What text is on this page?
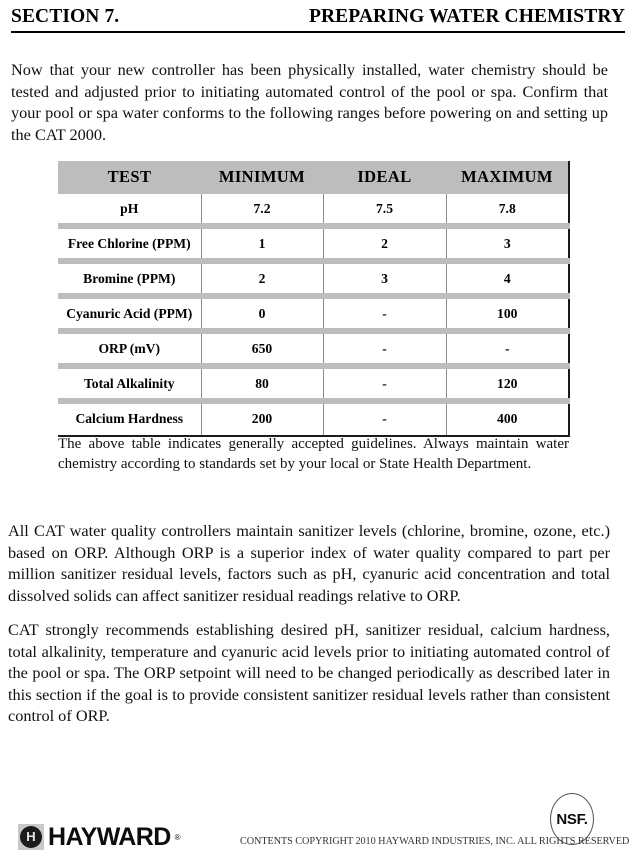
SECTION 7.	PREPARING WATER CHEMISTRY

Now that your new controller has been physically installed, water chemistry should be tested and adjusted prior to initiating automated control of the pool or spa. Confirm that your pool or spa water conforms to the following ranges before powering on and setting up the CAT 2000.

TEST	MINIMUM	IDEAL	MAXIMUM
pH	7.2	7.5	7.8
Free Chlorine (PPM)	1	2	3
Bromine (PPM)	2	3	4
Cyanuric Acid (PPM)	0	-	100
ORP (mV)	650	-	-
Total Alkalinity	80	-	120
Calcium Hardness	200	-	400

The above table indicates generally accepted guidelines. Always maintain water chemistry according to standards set by your local or State Health Department.

All CAT water quality controllers maintain sanitizer levels (chlorine, bromine, ozone, etc.) based on ORP. Although ORP is a superior index of water quality compared to part per million sanitizer residual levels, factors such as pH, cyanuric acid concentration and total dissolved solids can affect sanitizer residual readings relative to ORP.

CAT strongly recommends establishing desired pH, sanitizer residual, calcium hardness, total alkalinity, temperature and cyanuric acid levels prior to initiating automated control of the pool or spa. The ORP setpoint will need to be changed periodically as described later in this section if the goal is to provide consistent sanitizer residual levels rather than consistent control of ORP.

H HAYWARD ®	CONTENTS COPYRIGHT 2010 HAYWARD INDUSTRIES, INC. ALL RIGHTS RESERVED
NSF.
